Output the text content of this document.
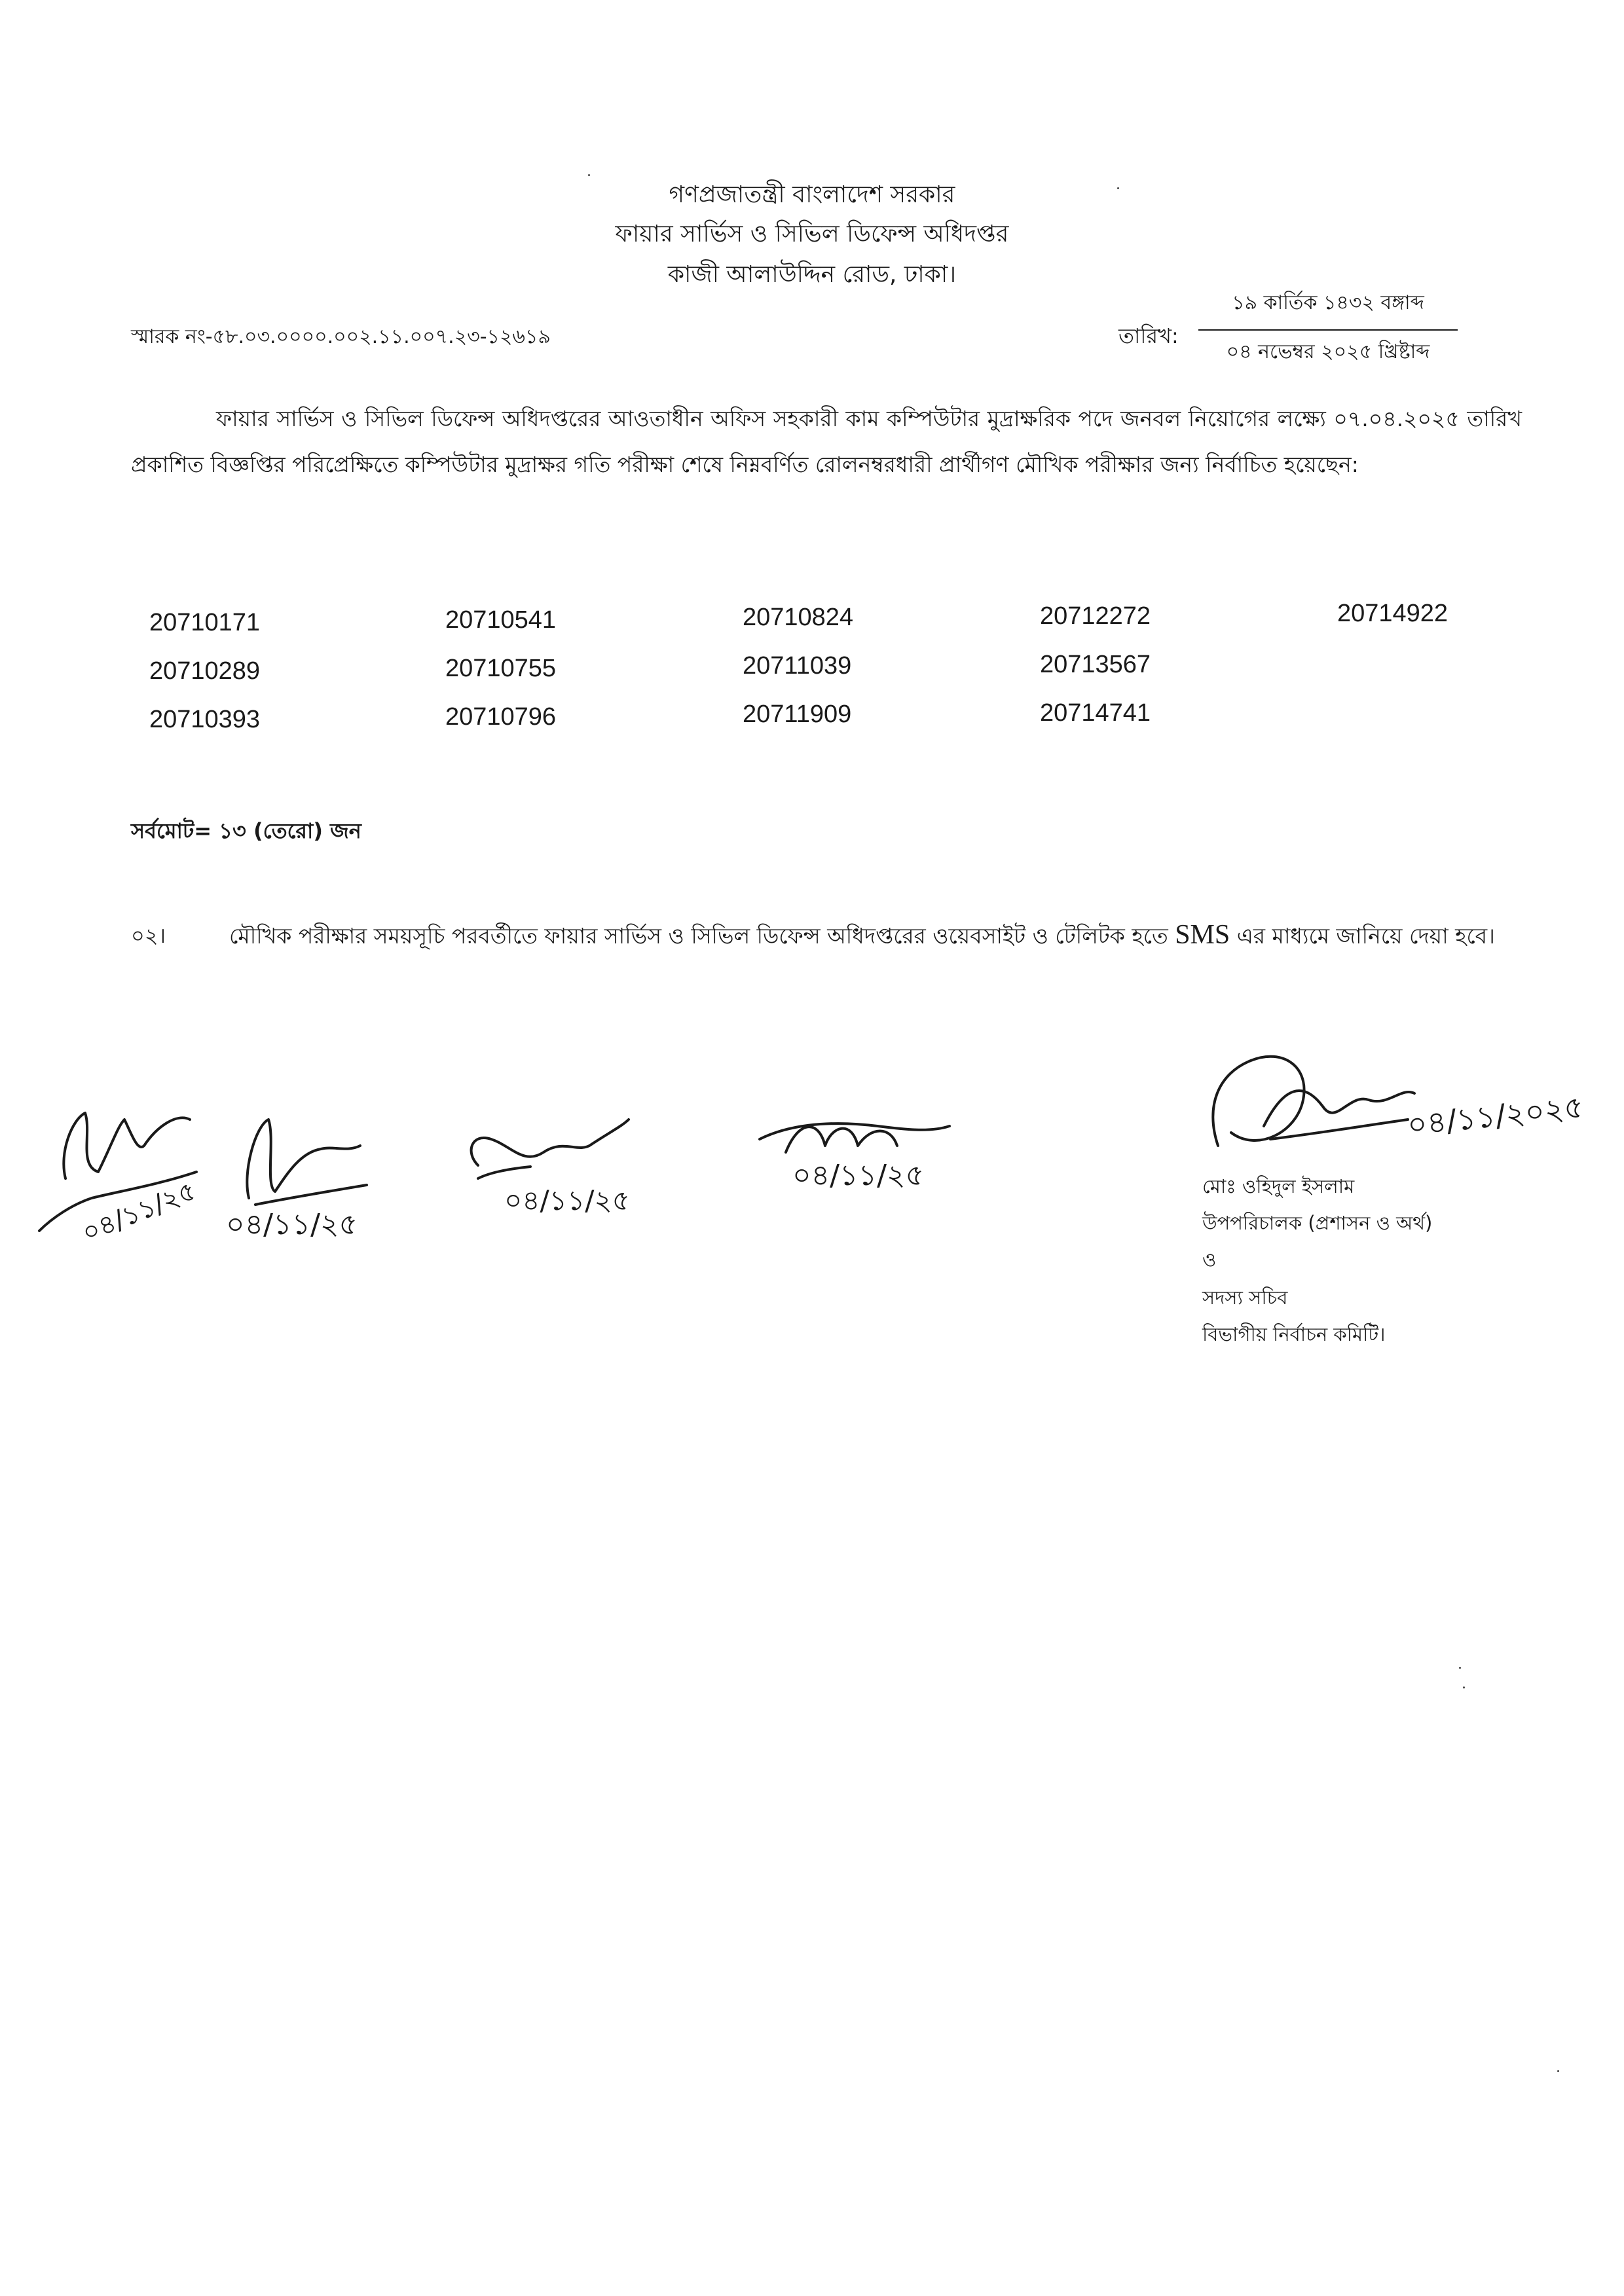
গণপ্রজাতন্ত্রী বাংলাদেশ সরকার
ফায়ার সার্ভিস ও সিভিল ডিফেন্স অধিদপ্তর
কাজী আলাউদ্দিন রোড, ঢাকা।
স্মারক নং-৫৮.০৩.০০০০.০০২.১১.০০৭.২৩-১২৬১৯	তারিখ:
১৯ কার্তিক ১৪৩২ বঙ্গাব্দ
০৪ নভেম্বর ২০২৫ খ্রিষ্টাব্দ
ফায়ার সার্ভিস ও সিভিল ডিফেন্স অধিদপ্তরের আওতাধীন অফিস সহকারী কাম কম্পিউটার মুদ্রাক্ষরিক পদে জনবল নিয়োগের লক্ষ্যে ০৭.০৪.২০২৫ তারিখ প্রকাশিত বিজ্ঞপ্তির পরিপ্রেক্ষিতে কম্পিউটার মুদ্রাক্ষর গতি পরীক্ষা শেষে নিম্নবর্ণিত রোলনম্বরধারী প্রার্থীগণ মৌখিক পরীক্ষার জন্য নির্বাচিত হয়েছেন:
20710171	20710541	20710824	20712272	20714922
20710289	20710755	20711039	20713567
20710393	20710796	20711909	20714741
সর্বমোট= ১৩ (তেরো) জন
০২।	মৌখিক পরীক্ষার সময়সূচি পরবর্তীতে ফায়ার সার্ভিস ও সিভিল ডিফেন্স অধিদপ্তরের ওয়েবসাইট ও টেলিটক হতে SMS এর মাধ্যমে জানিয়ে দেয়া হবে।
০৪/১১/২৫ ০৪/১১/২৫
০৪/১১/২৫
০৪/১১/২৫
০৪/১১/২০২৫
মোঃ ওহিদুল ইসলাম
উপপরিচালক (প্রশাসন ও অর্থ)
ও
সদস্য সচিব
বিভাগীয় নির্বাচন কমিটি।
